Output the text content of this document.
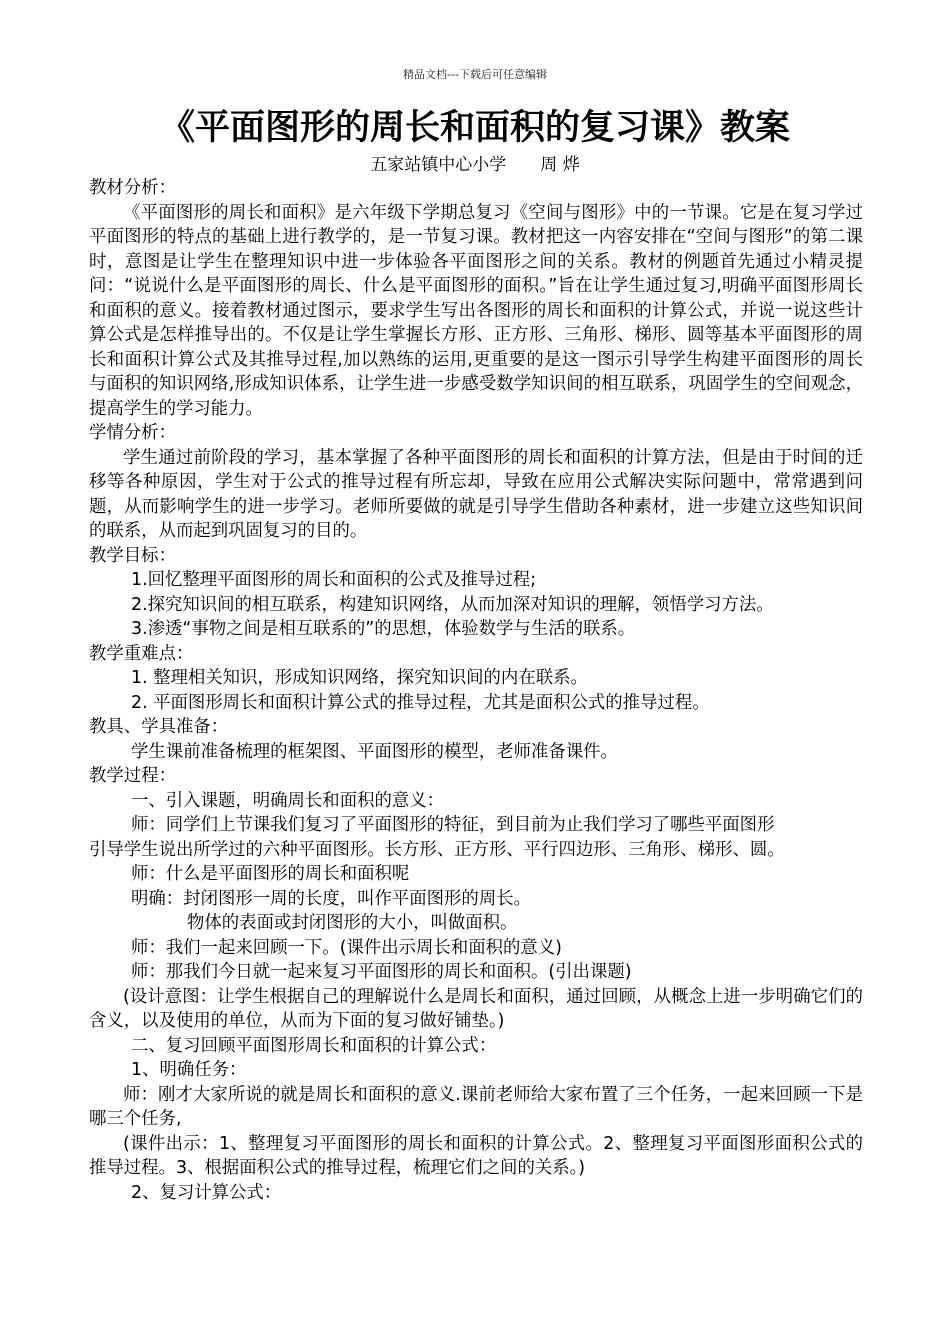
精品文档---下载后可任意编辑
《平面图形的周长和面积的复习课》教案
五家站镇中心小学 周 烨

教材分析：

《平面图形的周长和面积》是六年级下学期总复习《空间与图形》中的一节课。它是在复习学过平面图形的特点的基础上进行教学的，是一节复习课。教材把这一内容安排在“空间与图形”的第二课时，意图是让学生在整理知识中进一步体验各平面图形之间的关系。教材的例题首先通过小精灵提问：“说说什么是平面图形的周长、什么是平面图形的面积。”旨在让学生通过复习,明确平面图形周长和面积的意义。接着教材通过图示，要求学生写出各图形的周长和面积的计算公式，并说一说这些计算公式是怎样推导出的。不仅是让学生掌握长方形、正方形、三角形、梯形、圆等基本平面图形的周长和面积计算公式及其推导过程,加以熟练的运用,更重要的是这一图示引导学生构建平面图形的周长与面积的知识网络,形成知识体系，让学生进一步感受数学知识间的相互联系，巩固学生的空间观念，提高学生的学习能力。

学情分析：

学生通过前阶段的学习，基本掌握了各种平面图形的周长和面积的计算方法，但是由于时间的迁移等各种原因，学生对于公式的推导过程有所忘却，导致在应用公式解决实际问题中，常常遇到问题，从而影响学生的进一步学习。老师所要做的就是引导学生借助各种素材，进一步建立这些知识间的联系，从而起到巩固复习的目的。

教学目标：

1.回忆整理平面图形的周长和面积的公式及推导过程;

2.探究知识间的相互联系，构建知识网络，从而加深对知识的理解，领悟学习方法。

3.渗透“事物之间是相互联系的”的思想，体验数学与生活的联系。

教学重难点：

1. 整理相关知识，形成知识网络，探究知识间的内在联系。

2. 平面图形周长和面积计算公式的推导过程，尤其是面积公式的推导过程。

教具、学具准备：

学生课前准备梳理的框架图、平面图形的模型，老师准备课件。

教学过程：

一、引入课题，明确周长和面积的意义：

师：同学们上节课我们复习了平面图形的特征，到目前为止我们学习了哪些平面图形

引导学生说出所学过的六种平面图形。长方形、正方形、平行四边形、三角形、梯形、圆。

师：什么是平面图形的周长和面积呢

明确：封闭图形一周的长度，叫作平面图形的周长。

物体的表面或封闭图形的大小，叫做面积。

师：我们一起来回顾一下。(课件出示周长和面积的意义)

师：那我们今日就一起来复习平面图形的周长和面积。(引出课题)

(设计意图：让学生根据自己的理解说什么是周长和面积，通过回顾，从概念上进一步明确它们的含义，以及使用的单位，从而为下面的复习做好铺垫。)

二、复习回顾平面图形周长和面积的计算公式：

1、明确任务：

师：刚才大家所说的就是周长和面积的意义.课前老师给大家布置了三个任务，一起来回顾一下是哪三个任务,

(课件出示：1、整理复习平面图形的周长和面积的计算公式。2、整理复习平面图形面积公式的推导过程。3、根据面积公式的推导过程，梳理它们之间的关系。)

2、复习计算公式：
